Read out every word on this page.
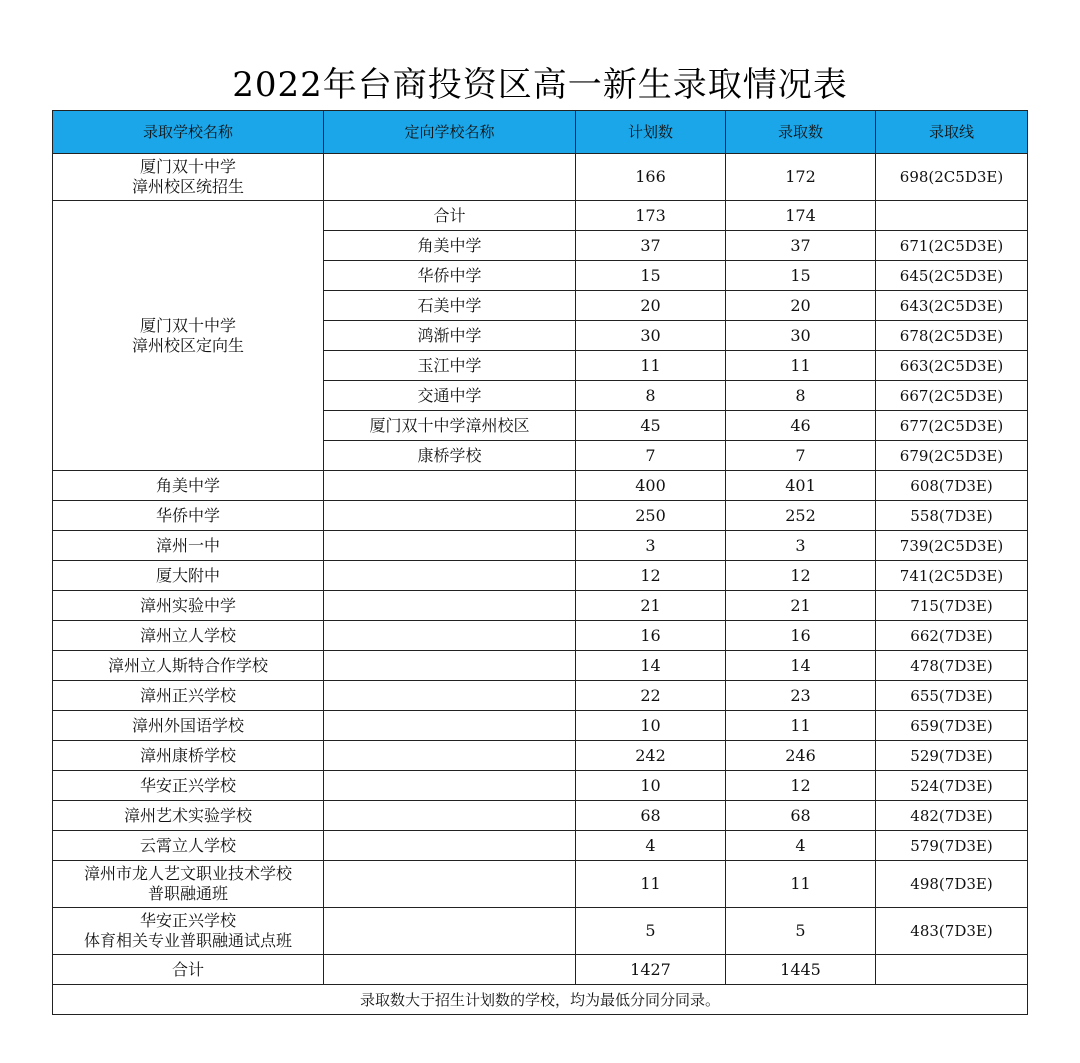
2022年台商投资区高一新生录取情况表
录取学校名称	定向学校名称	计划数	录取数	录取线

厦门双十中学
漳州校区统招生		166	172	698(2C5D3E)

厦门双十中学
漳州校区定向生	合计	173	174	
	角美中学	37	37	671(2C5D3E)
	华侨中学	15	15	645(2C5D3E)
	石美中学	20	20	643(2C5D3E)
	鸿渐中学	30	30	678(2C5D3E)
	玉江中学	11	11	663(2C5D3E)
	交通中学	8	8	667(2C5D3E)
	厦门双十中学漳州校区	45	46	677(2C5D3E)
	康桥学校	7	7	679(2C5D3E)
角美中学		400	401	608(7D3E)
华侨中学		250	252	558(7D3E)
漳州一中		3	3	739(2C5D3E)
厦大附中		12	12	741(2C5D3E)
漳州实验中学		21	21	715(7D3E)
漳州立人学校		16	16	662(7D3E)
漳州立人斯特合作学校		14	14	478(7D3E)
漳州正兴学校		22	23	655(7D3E)
漳州外国语学校		10	11	659(7D3E)
漳州康桥学校		242	246	529(7D3E)
华安正兴学校		10	12	524(7D3E)
漳州艺术实验学校		68	68	482(7D3E)
云霄立人学校		4	4	579(7D3E)

漳州市龙人艺文职业技术学校
普职融通班		11	11	498(7D3E)

华安正兴学校
体育相关专业普职融通试点班		5	5	483(7D3E)
合计		1427	1445	
录取数大于招生计划数的学校，均为最低分同分同录。				
